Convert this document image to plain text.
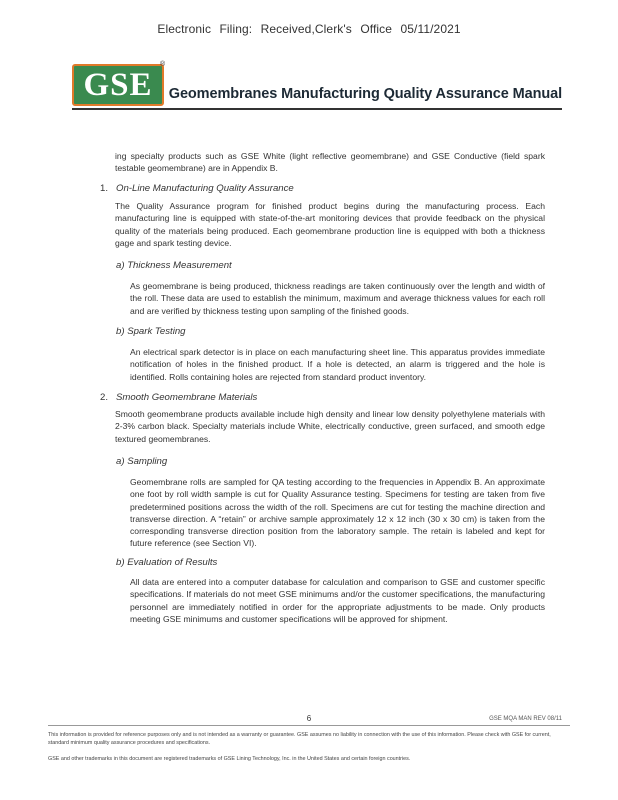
Electronic Filing: Received,Clerk's Office 05/11/2021
GSE
®
Geomembranes Manufacturing Quality Assurance Manual

ing specialty products such as GSE White (light reflective geomembrane) and GSE Conductive (field spark testable geomembrane) are in Appendix B.

1. On-Line Manufacturing Quality Assurance

The Quality Assurance program for finished product begins during the manufacturing process. Each manufacturing line is equipped with state-of-the-art monitoring devices that provide feedback on the physical quality of the materials being produced. Each geomembrane production line is equipped with both a thickness gage and spark testing device.

a) Thickness Measurement

As geomembrane is being produced, thickness readings are taken continuously over the length and width of the roll. These data are used to establish the minimum, maximum and average thickness values for each roll and are verified by thickness testing upon sampling of the finished goods.

b) Spark Testing

An electrical spark detector is in place on each manufacturing sheet line. This apparatus provides immediate notification of holes in the finished product. If a hole is detected, an alarm is triggered and the hole is identified. Rolls containing holes are rejected from standard product inventory.

2. Smooth Geomembrane Materials

Smooth geomembrane products available include high density and linear low density polyethylene materials with 2-3% carbon black. Specialty materials include White, electrically conductive, green surfaced, and smooth edge textured geomembranes.

a) Sampling

Geomembrane rolls are sampled for QA testing according to the frequencies in Appendix B. An approximate one foot by roll width sample is cut for Quality Assurance testing. Specimens for testing are taken from five predetermined positions across the width of the roll. Specimens are cut for testing the machine direction and transverse direction. A “retain” or archive sample approximately 12 x 12 inch (30 x 30 cm) is taken from the corresponding transverse direction position from the laboratory sample. The retain is labeled and kept for future reference (see Section VI).

b) Evaluation of Results

All data are entered into a computer database for calculation and comparison to GSE and customer specific specifications. If materials do not meet GSE minimums and/or the customer specifications, the manufacturing personnel are immediately notified in order for the appropriate adjustments to be made. Only products meeting GSE minimums and customer specifications will be approved for shipment.

6	GSE MQA MAN REV 08/11

This information is provided for reference purposes only and is not intended as a warranty or guarantee. GSE assumes no liability in connection with the use of this information. Please check with GSE for current, standard minimum quality assurance procedures and specifications.

GSE and other trademarks in this document are registered trademarks of GSE Lining Technology, Inc. in the United States and certain foreign countries.
